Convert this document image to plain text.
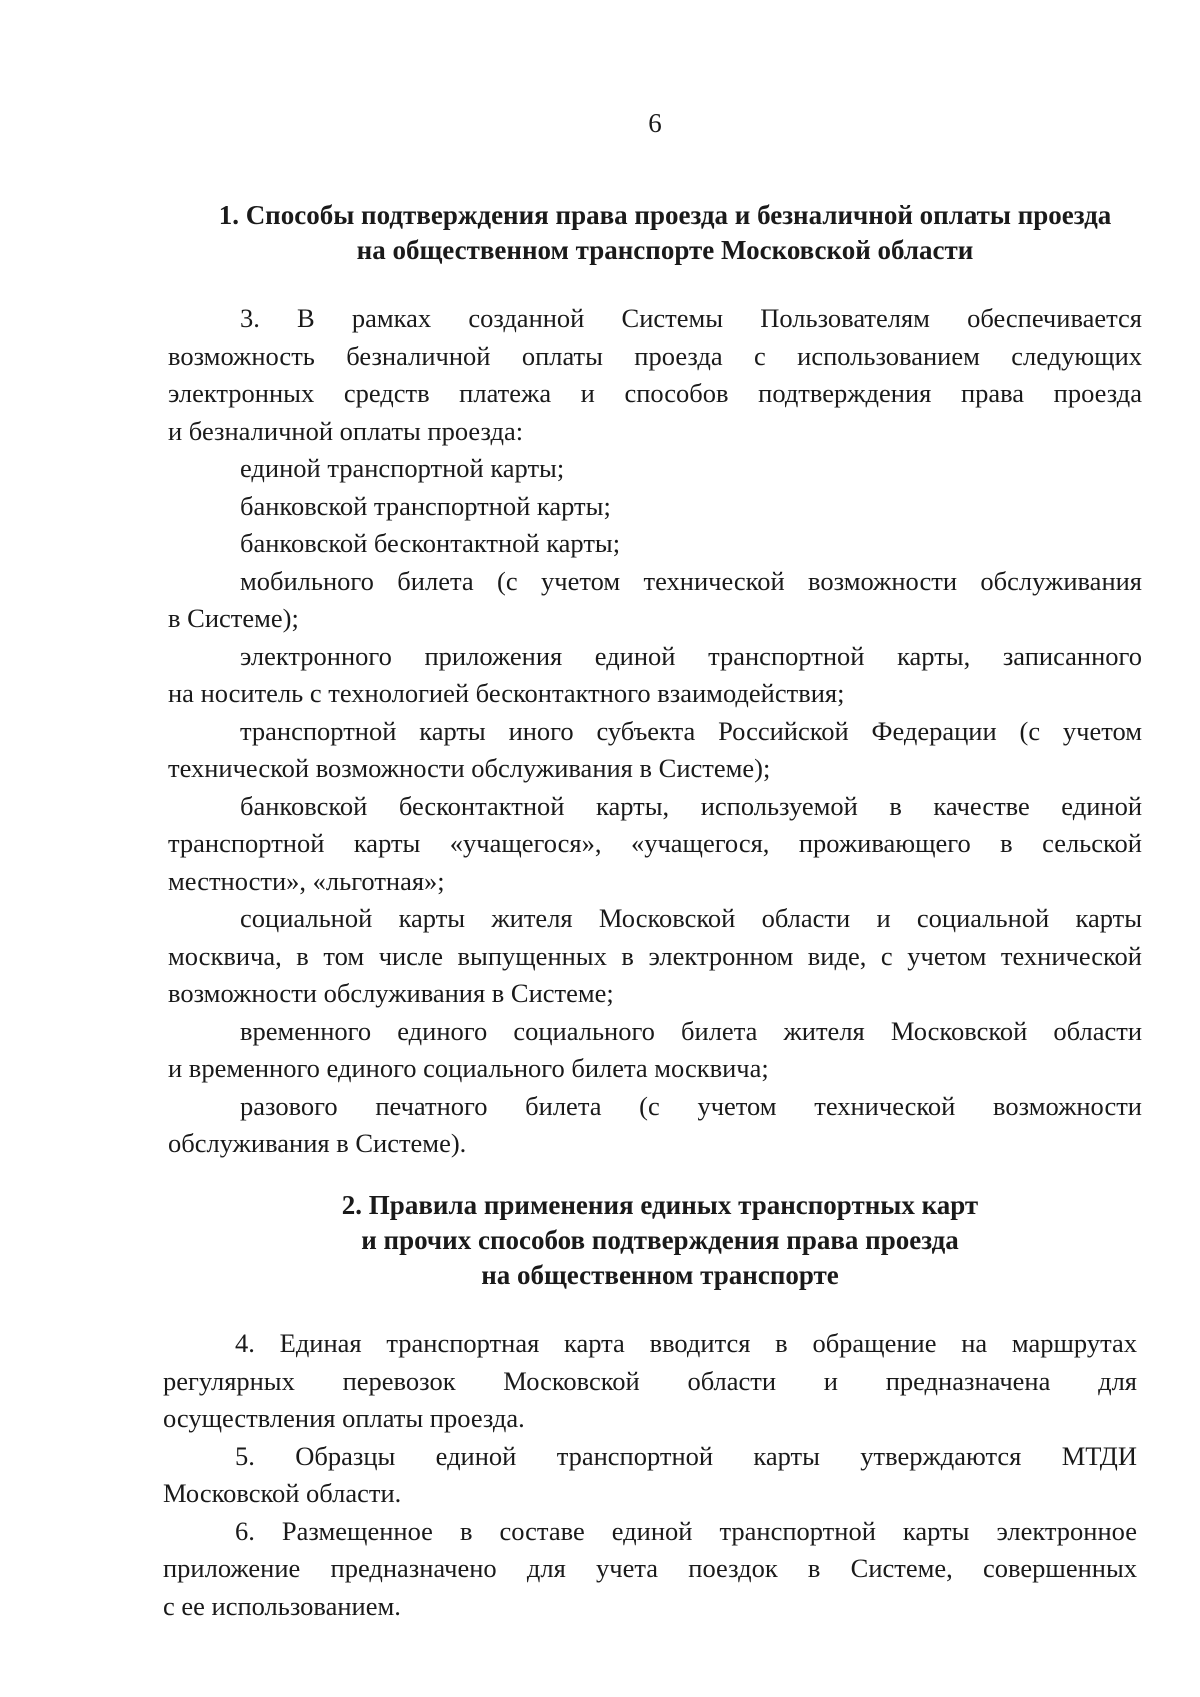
6
1. Способы подтверждения права проезда и безналичной оплаты проезда
на общественном транспорте Московской области
3. В рамках созданной Системы Пользователям обеспечивается
возможность безналичной оплаты проезда с использованием следующих
электронных средств платежа и способов подтверждения права проезда
и безналичной оплаты проезда:
единой транспортной карты;
банковской транспортной карты;
банковской бесконтактной карты;
мобильного билета (с учетом технической возможности обслуживания
в Системе);
электронного приложения единой транспортной карты, записанного
на носитель с технологией бесконтактного взаимодействия;
транспортной карты иного субъекта Российской Федерации (с учетом
технической возможности обслуживания в Системе);
банковской бесконтактной карты, используемой в качестве единой
транспортной карты «учащегося», «учащегося, проживающего в сельской
местности», «льготная»;
социальной карты жителя Московской области и социальной карты
москвича, в том числе выпущенных в электронном виде, с учетом технической
возможности обслуживания в Системе;
временного единого социального билета жителя Московской области
и временного единого социального билета москвича;
разового печатного билета (с учетом технической возможности
обслуживания в Системе).
2. Правила применения единых транспортных карт
и прочих способов подтверждения права проезда
на общественном транспорте
4. Единая транспортная карта вводится в обращение на маршрутах
регулярных перевозок Московской области и предназначена для
осуществления оплаты проезда.
5. Образцы единой транспортной карты утверждаются МТДИ
Московской области.
6. Размещенное в составе единой транспортной карты электронное
приложение предназначено для учета поездок в Системе, совершенных
с ее использованием.
